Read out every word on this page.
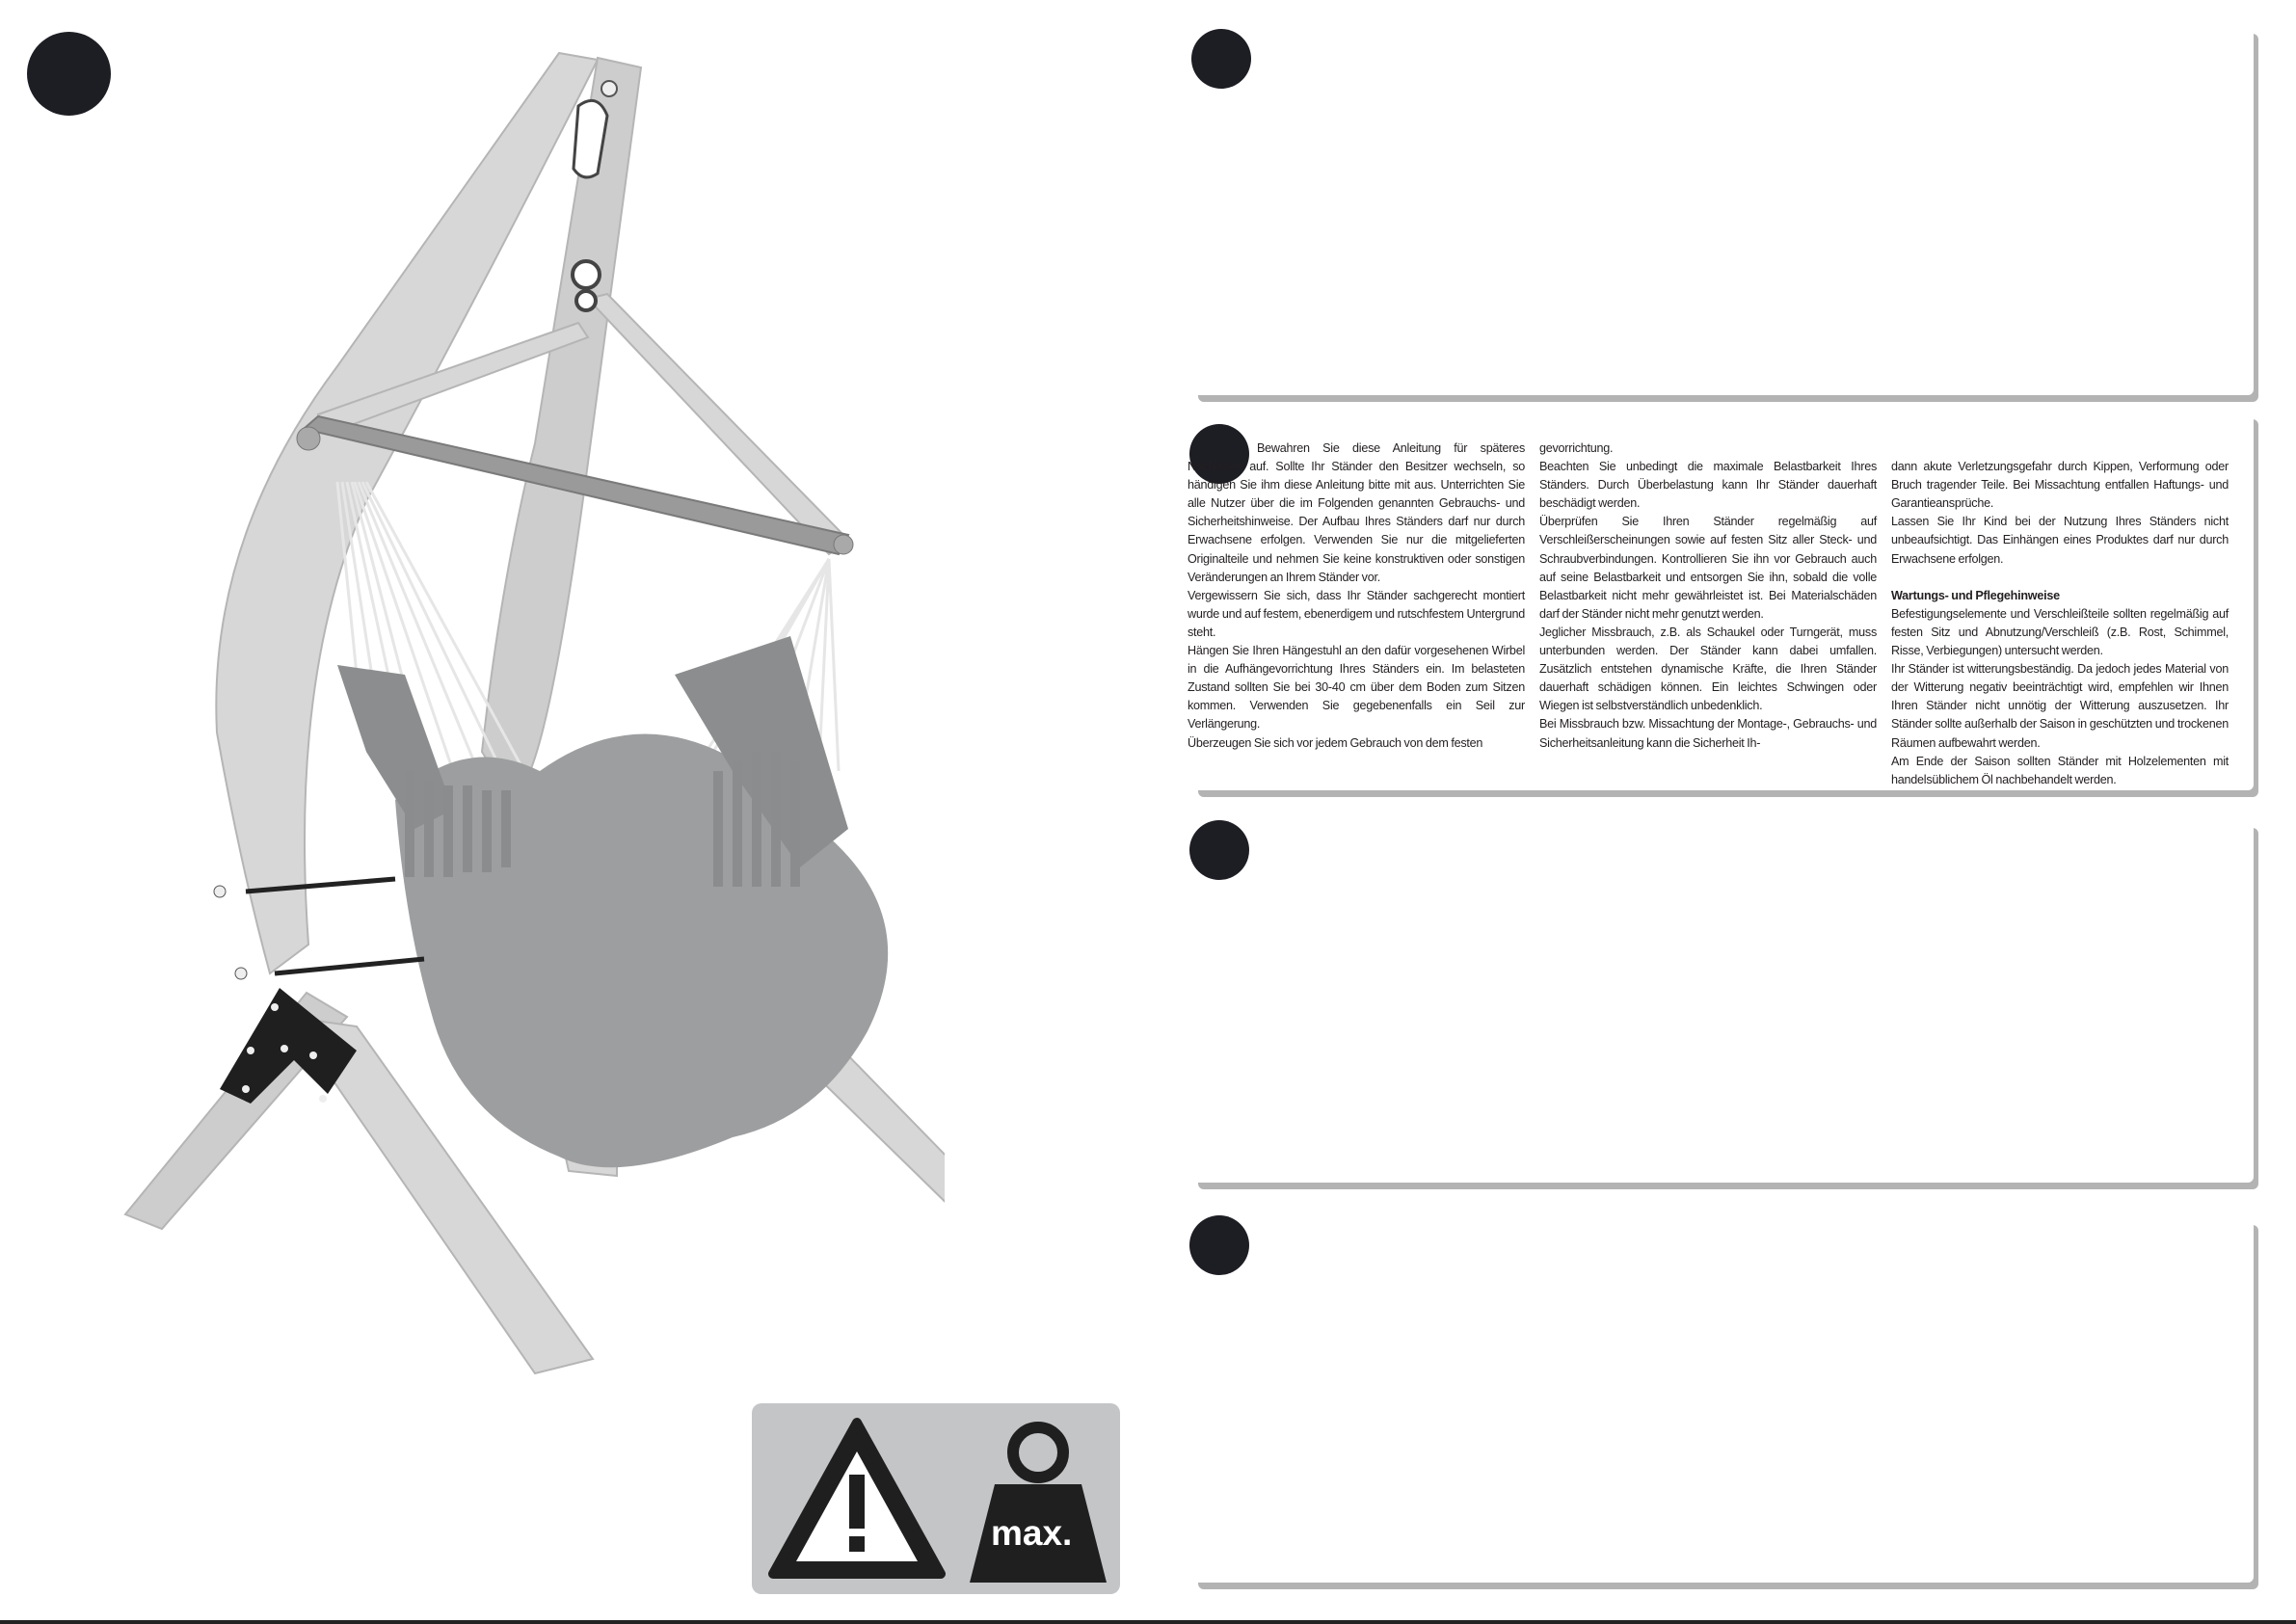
max.
Bewahren Sie diese Anleitung für späteres Nachlesen auf. Sollte Ihr Ständer den Besitzer wechseln, so händigen Sie ihm diese Anleitung bitte mit aus. Unterrichten Sie alle Nutzer über die im Folgenden genannten Gebrauchs- und Sicherheitshinweise. Der Aufbau Ihres Ständers darf nur durch Erwachsene erfolgen. Verwenden Sie nur die mitgelieferten Originalteile und nehmen Sie keine konstruktiven oder sonstigen Veränderungen an Ihrem Ständer vor.
Vergewissern Sie sich, dass Ihr Ständer sachgerecht montiert wurde und auf festem, ebenerdigem und rutschfestem Untergrund steht.
Hängen Sie Ihren Hängestuhl an den dafür vorgesehenen Wirbel in die Aufhängevorrichtung Ihres Ständers ein. Im belasteten Zustand sollten Sie bei 30-40 cm über dem Boden zum Sitzen kommen. Verwenden Sie gegebenenfalls ein Seil zur Verlängerung.
Überzeugen Sie sich vor jedem Gebrauch von dem festen
gevorrichtung.
Beachten Sie unbedingt die maximale Belastbarkeit Ihres Ständers. Durch Überbelastung kann Ihr Ständer dauerhaft beschädigt werden.
Überprüfen Sie Ihren Ständer regelmäßig auf Verschleißerscheinungen sowie auf festen Sitz aller Steck- und Schraubverbindungen. Kontrollieren Sie ihn vor Gebrauch auch auf seine Belastbarkeit und entsorgen Sie ihn, sobald die volle Belastbarkeit nicht mehr gewährleistet ist. Bei Materialschäden darf der Ständer nicht mehr genutzt werden.
Jeglicher Missbrauch, z.B. als Schaukel oder Turngerät, muss unterbunden werden. Der Ständer kann dabei umfallen. Zusätzlich entstehen dynamische Kräfte, die Ihren Ständer dauerhaft schädigen können. Ein leichtes Schwingen oder Wiegen ist selbstverständlich unbedenklich.
Bei Missbrauch bzw. Missachtung der Montage-, Gebrauchs- und Sicherheitsanleitung kann die Sicherheit Ih-

dann akute Verletzungsgefahr durch Kippen, Verformung oder Bruch tragender Teile. Bei Missachtung entfallen Haftungs- und Garantieansprüche.
Lassen Sie Ihr Kind bei der Nutzung Ihres Ständers nicht unbeaufsichtigt. Das Einhängen eines Produktes darf nur durch Erwachsene erfolgen.

Wartungs- und Pflegehinweise
Befestigungselemente und Verschleißteile sollten regelmäßig auf festen Sitz und Abnutzung/Verschleiß (z.B. Rost, Schimmel, Risse, Verbiegungen) untersucht werden.
Ihr Ständer ist witterungsbeständig. Da jedoch jedes Material von der Witterung negativ beeinträchtigt wird, empfehlen wir Ihnen Ihren Ständer nicht unnötig der Witterung auszusetzen. Ihr Ständer sollte außerhalb der Saison in geschützten und trockenen Räumen aufbewahrt werden.
Am Ende der Saison sollten Ständer mit Holzelementen mit handelsüblichem Öl nachbehandelt werden.
